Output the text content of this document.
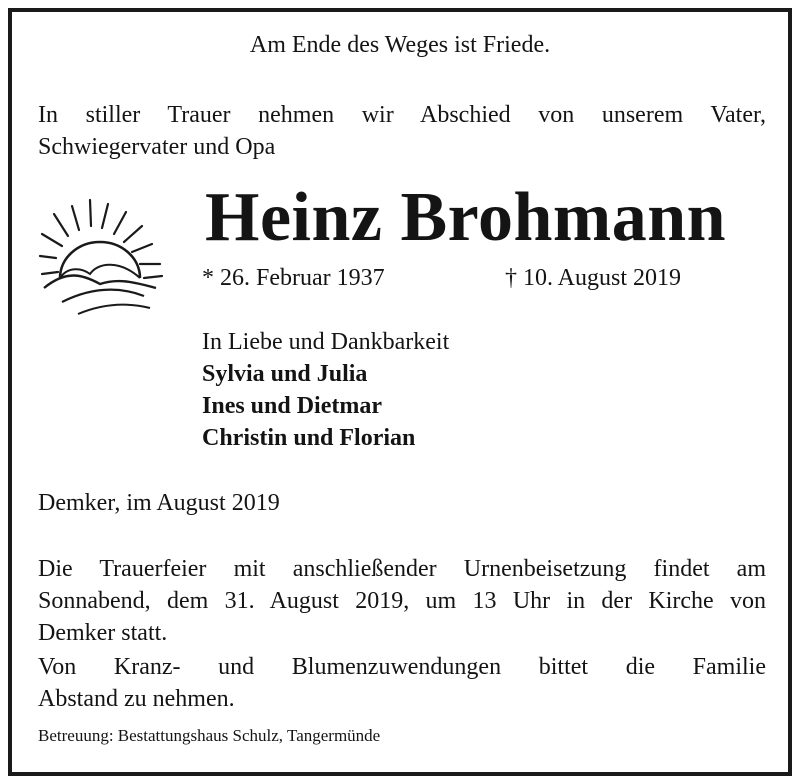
Am Ende des Weges ist Friede.
In stiller Trauer nehmen wir Abschied von unserem Vater,
Schwiegervater und Opa
Heinz Brohmann
* 26. Februar 1937	† 10. August 2019
In Liebe und Dankbarkeit
Sylvia und Julia
Ines und Dietmar
Christin und Florian
Demker, im August 2019
Die Trauerfeier mit anschließender Urnenbeisetzung findet am
Sonnabend, dem 31. August 2019, um 13 Uhr in der Kirche von
Demker statt.
Von Kranz- und Blumenzuwendungen bittet die Familie
Abstand zu nehmen.
Betreuung: Bestattungshaus Schulz, Tangermünde
